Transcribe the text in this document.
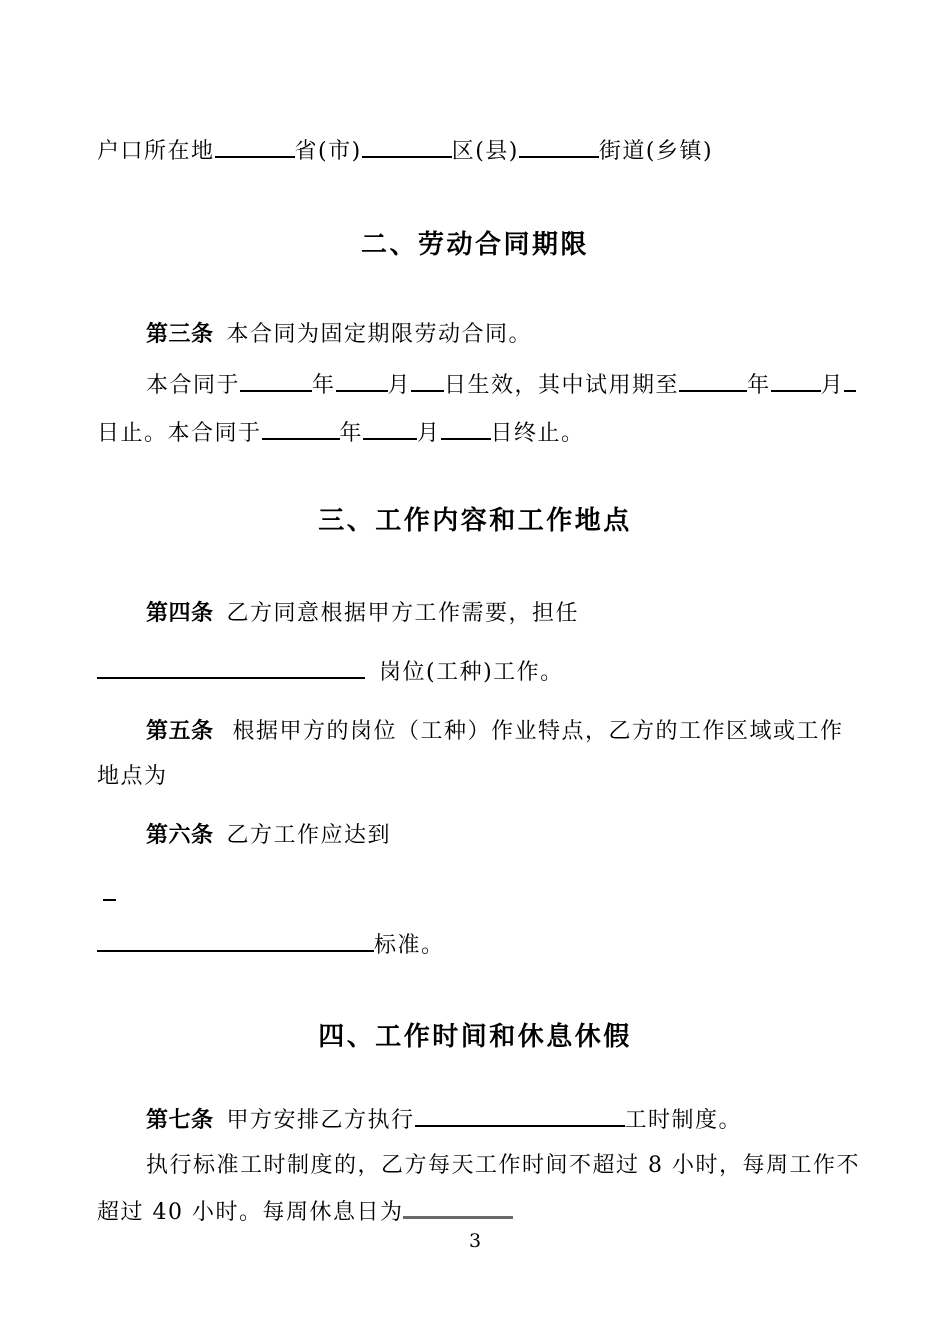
户口所在地	省(市)	区(县)	街道(乡镇)
二、劳动合同期限
第三条 本合同为固定期限劳动合同。
本合同于	年 月 日生效，其中试用期至	年 月
日止。本合同于	年 月 日终止。
三、工作内容和工作地点
第四条 乙方同意根据甲方工作需要，担任
岗位(工种)工作。
第五条 根据甲方的岗位（工种）作业特点，乙方的工作区域或工作
地点为
第六条 乙方工作应达到
标准。
四、工作时间和休息休假
第七条 甲方安排乙方执行	工时制度。
执行标准工时制度的，乙方每天工作时间不超过 8 小时，每周工作不
超过 40 小时。每周休息日为
3
